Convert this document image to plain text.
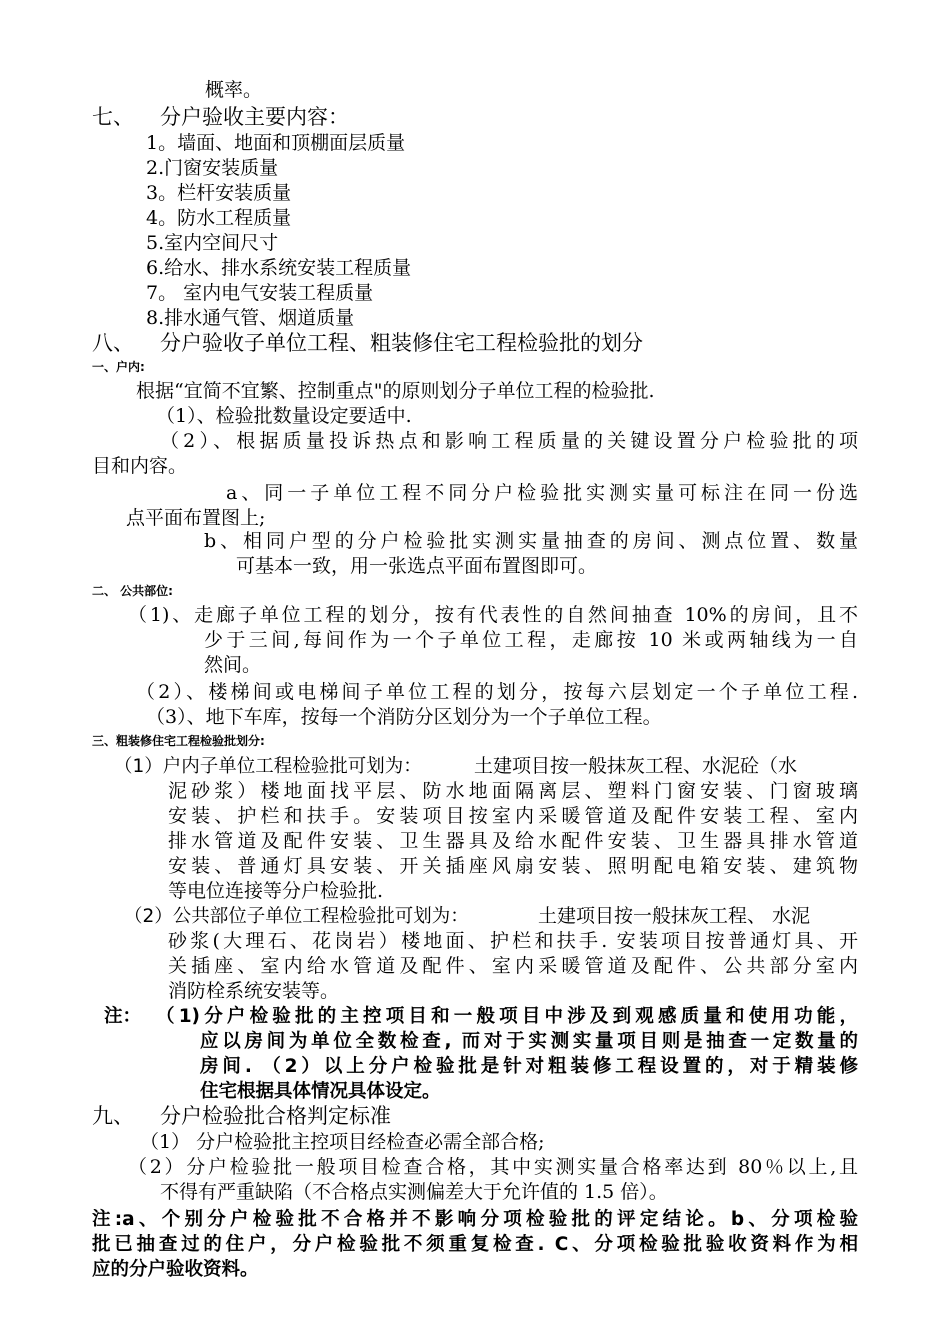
概率。
七、 分户验收主要内容：
1。墙面、地面和顶棚面层质量
2.门窗安装质量
3。栏杆安装质量
4。防水工程质量
5.室内空间尺寸
6.给水、排水系统安装工程质量
7。 室内电气安装工程质量
8.排水通气管、烟道质量
八、 分户验收子单位工程、粗装修住宅工程检验批的划分
一、户内:
根据“宜简不宜繁、控制重点"的原则划分子单位工程的检验批.
（1）、检验批数量设定要适中.
（2）、根据质量投诉热点和影响工程质量的关键设置分户检验批的项
目和内容。
a、同一子单位工程不同分户检验批实测实量可标注在同一份选
点平面布置图上;
b、相同户型的分户检验批实测实量抽查的房间、测点位置、数量
可基本一致，用一张选点平面布置图即可。
二、 公共部位:
（1)、走廊子单位工程的划分，按有代表性的自然间抽查 10%的房间，且不
少于三间,每间作为一个子单位工程，走廊按 10 米或两轴线为一自
然间。
（2）、楼梯间或电梯间子单位工程的划分，按每六层划定一个子单位工程.
（3）、地下车库，按每一个消防分区划分为一个子单位工程。
三、粗装修住宅工程检验批划分:
（1）户内子单位工程检验批可划为：	土建项目按一般抹灰工程、水泥砼（水
泥砂浆）楼地面找平层、防水地面隔离层、塑料门窗安装、门窗玻璃
安装、护栏和扶手。安装项目按室内采暖管道及配件安装工程、室内
排水管道及配件安装、卫生器具及给水配件安装、卫生器具排水管道
安装、普通灯具安装、开关插座风扇安装、照明配电箱安装、建筑物
等电位连接等分户检验批.
（2）公共部位子单位工程检验批可划为：	土建项目按一般抹灰工程、 水泥
砂浆(大理石、花岗岩）楼地面、护栏和扶手. 安装项目按普通灯具、开
关插座、室内给水管道及配件、室内采暖管道及配件、公共部分室内
消防栓系统安装等。
注： （1)分户检验批的主控项目和一般项目中涉及到观感质量和使用功能，
应以房间为单位全数检查, 而对于实测实量项目则是抽查一定数量的
房间. （2）以上分户检验批是针对粗装修工程设置的，对于精装修
住宅根据具体情况具体设定。
九、 分户检验批合格判定标准
（1） 分户检验批主控项目经检查必需全部合格;
（2）分户检验批一般项目检查合格，其中实测实量合格率达到 80％以上,且
不得有严重缺陷（不合格点实测偏差大于允许值的 1.5 倍）。
注:a、个别分户检验批不合格并不影响分项检验批的评定结论。b、分项检验
批已抽查过的住户，分户检验批不须重复检查. C、分项检验批验收资料作为相
应的分户验收资料。
